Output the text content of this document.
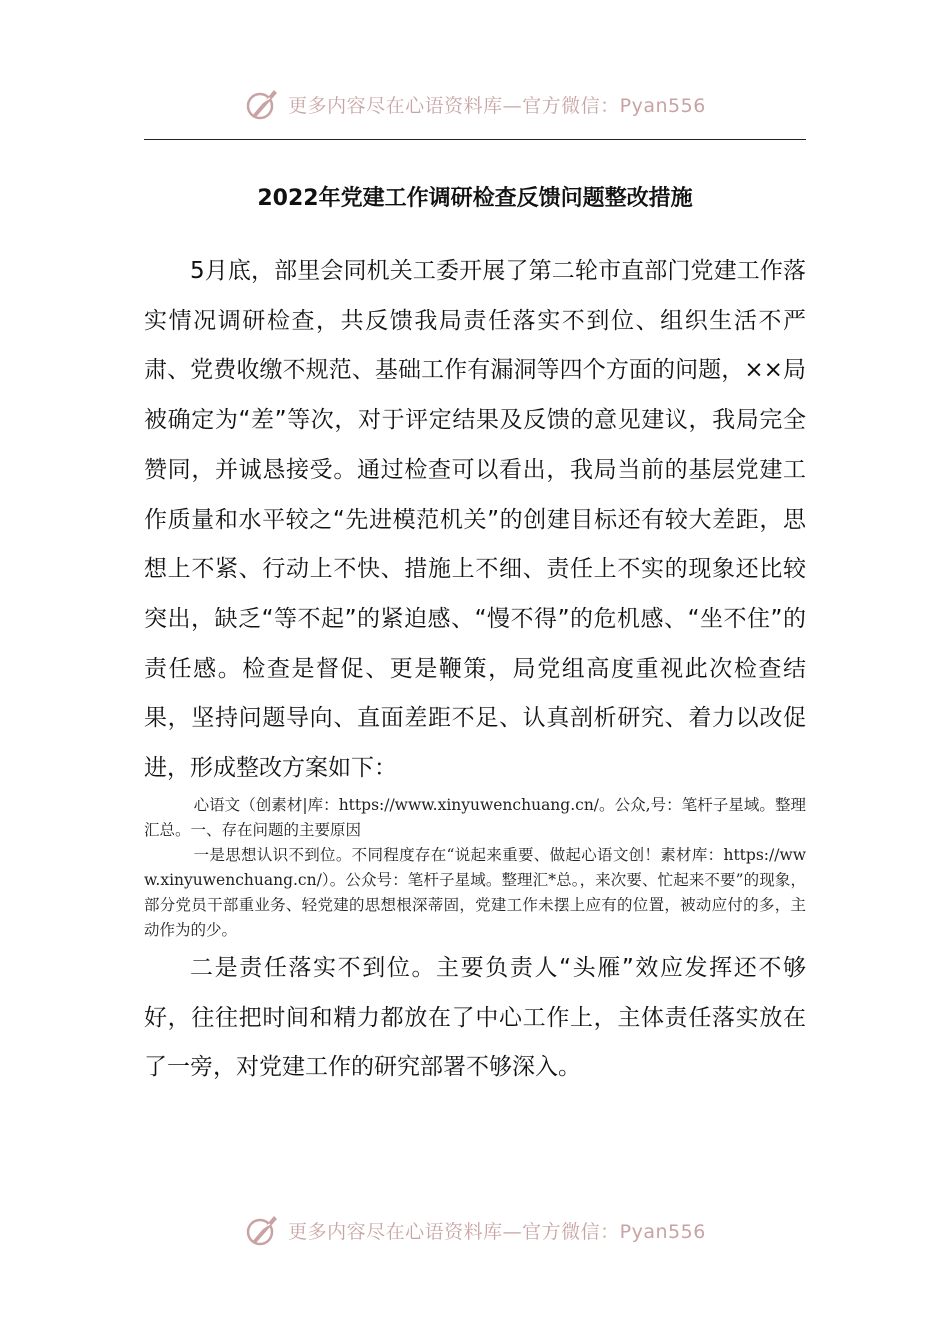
更多内容尽在心语资料库—官方微信：Pyan556
2022年党建工作调研检查反馈问题整改措施

5月底，部里会同机关工委开展了第二轮市直部门党建工作落实情况调研检查，共反馈我局责任落实不到位、组织生活不严肃、党费收缴不规范、基础工作有漏洞等四个方面的问题，××局被确定为“差”等次，对于评定结果及反馈的意见建议，我局完全赞同，并诚恳接受。通过检查可以看出，我局当前的基层党建工作质量和水平较之“先进模范机关”的创建目标还有较大差距，思想上不紧、行动上不快、措施上不细、责任上不实的现象还比较突出，缺乏“等不起”的紧迫感、“慢不得”的危机感、“坐不住”的责任感。检查是督促、更是鞭策，局党组高度重视此次检查结果，坚持问题导向、直面差距不足、认真剖析研究、着力以改促进，形成整改方案如下：

心语文（创素材|库：https://www.xinyuwenchuang.cn/。公众,号：笔杆子星域。整理汇总。一、存在问题的主要原因

一是思想认识不到位。不同程度存在“说起来重要、做起心语文创！素材库：https://www.xinyuwenchuang.cn/）。公众号：笔杆子星域。整理汇*总。，来次要、忙起来不要”的现象，部分党员干部重业务、轻党建的思想根深蒂固，党建工作未摆上应有的位置，被动应付的多，主动作为的少。

二是责任落实不到位。主要负责人“头雁”效应发挥还不够好，往往把时间和精力都放在了中心工作上，主体责任落实放在了一旁，对党建工作的研究部署不够深入。

更多内容尽在心语资料库—官方微信：Pyan556
